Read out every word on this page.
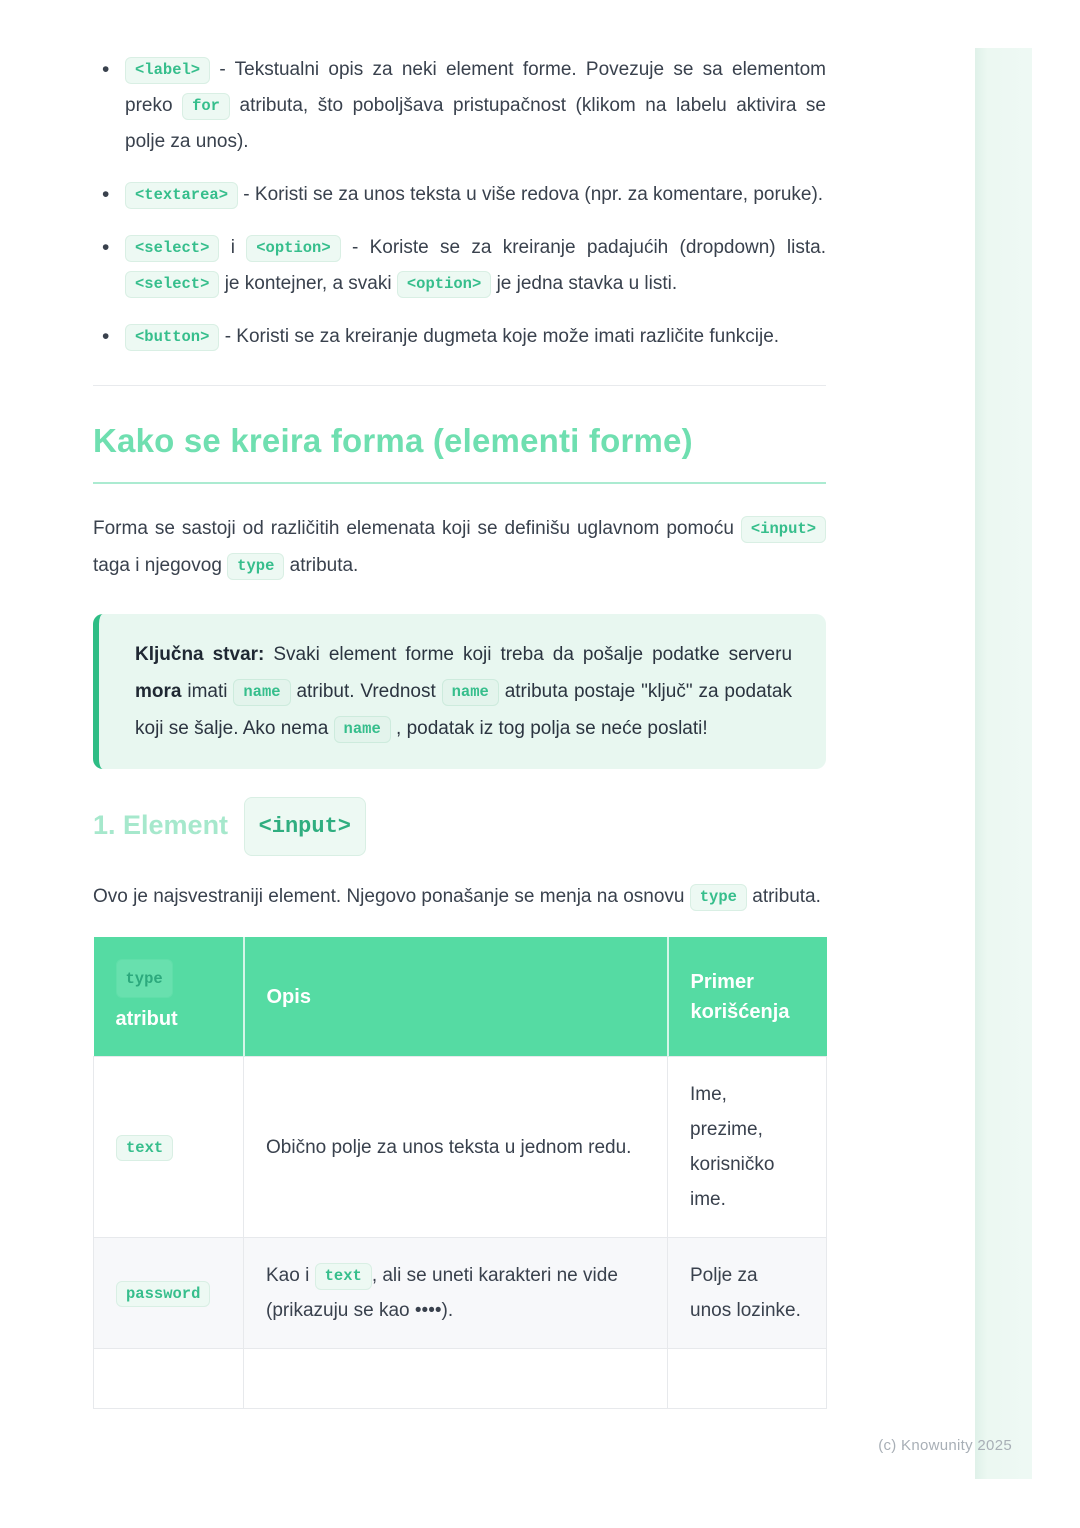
(c) Knowunity 2025
• <label> - Tekstualni opis za neki element forme. Povezuje se sa elementom preko for atributa, što poboljšava pristupačnost (klikom na labelu aktivira se polje za unos).
• <textarea> - Koristi se za unos teksta u više redova (npr. za komentare, poruke).
• <select> i <option> - Koriste se za kreiranje padajućih (dropdown) lista. <select> je kontejner, a svaki <option> je jedna stavka u listi.
• <button> - Koristi se za kreiranje dugmeta koje može imati različite funkcije.
Kako se kreira forma (elementi forme)

Forma se sastoji od različitih elemenata koji se definišu uglavnom pomoću <input> taga i njegovog type atributa.

Ključna stvar: Svaki element forme koji treba da pošalje podatke serveru mora imati name atribut. Vrednost name atributa postaje "ključ" za podatak koji se šalje. Ako nema name , podatak iz tog polja se neće poslati!

1. Element <input>

Ovo je najsvestraniji element. Njegovo ponašanje se menja na osnovu type atributa.

type
atribut	Opis	Primer korišćenja
text	Obično polje za unos teksta u jednom redu.	Ime, prezime, korisničko ime.
password	Kao i text , ali se uneti karakteri ne vide (prikazuju se kao ••••).	Polje za unos lozinke.
